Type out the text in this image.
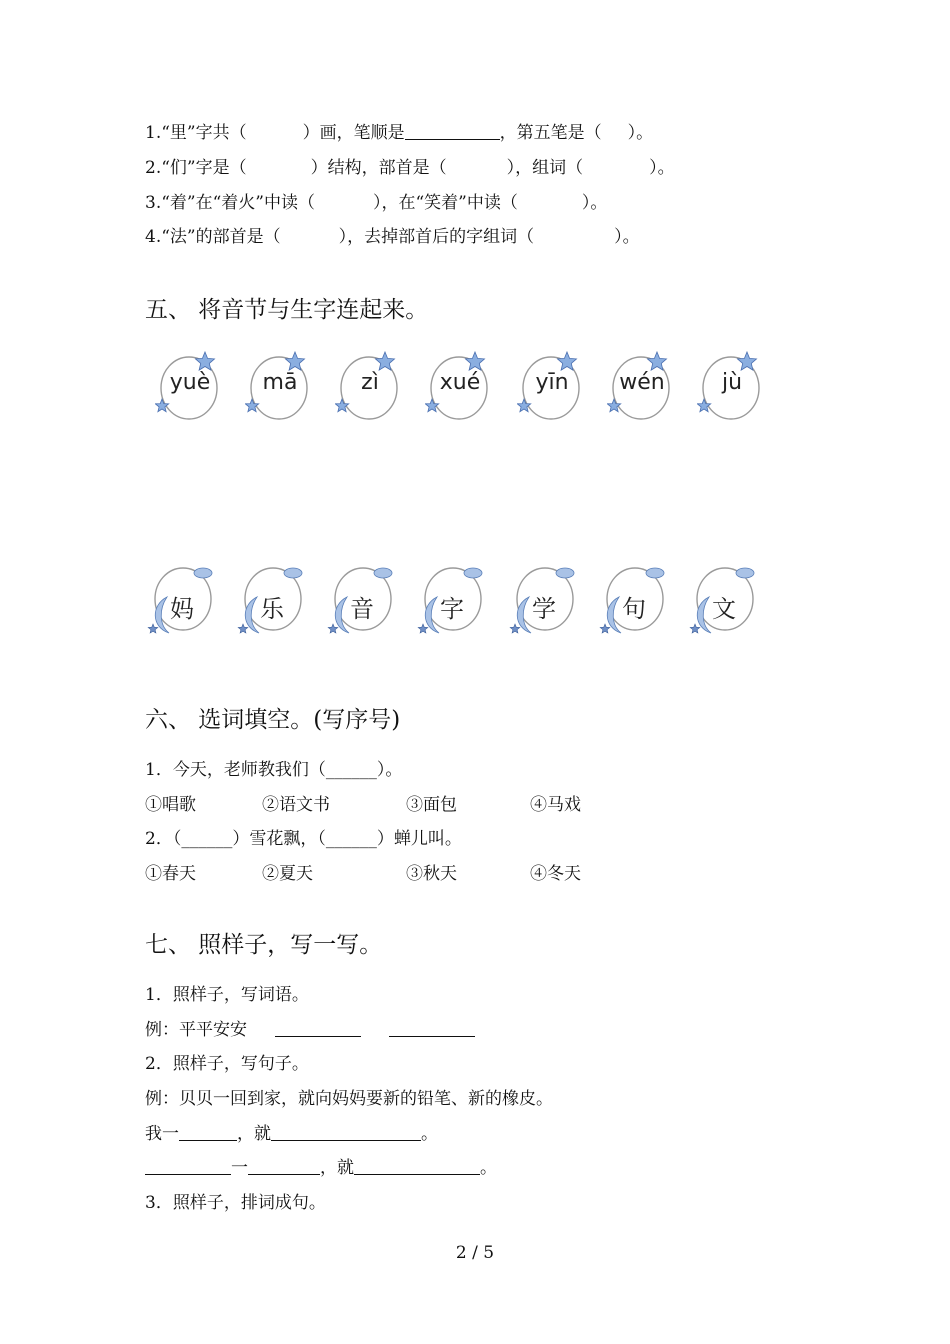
1.“里”字共（	）画，笔顺是	，第五笔是（ ）。
2.“们”字是（	）结构，部首是（	），组词（	）。
3.“着”在“着火”中读（	），在“笑着”中读（	）。
4.“法”的部首是（	），去掉部首后的字组词（	）。
五、 将音节与生字连起来。
yuè	mā	zì	xué	yīn	wén	jù
妈	乐	音	字	学	句	文
六、 选词填空。(写序号)
1．今天，老师教我们（______）。
①唱歌	②语文书	③面包	④马戏
2．（______）雪花飘，（______）蝉儿叫。
①春天	②夏天	③秋天	④冬天
七、 照样子，写一写。
1．照样子，写词语。
例：平平安安
2．照样子，写句子。
例：贝贝一回到家，就向妈妈要新的铅笔、新的橡皮。
我一	，就	。
一	，就	。
3．照样子，排词成句。
2 / 5
